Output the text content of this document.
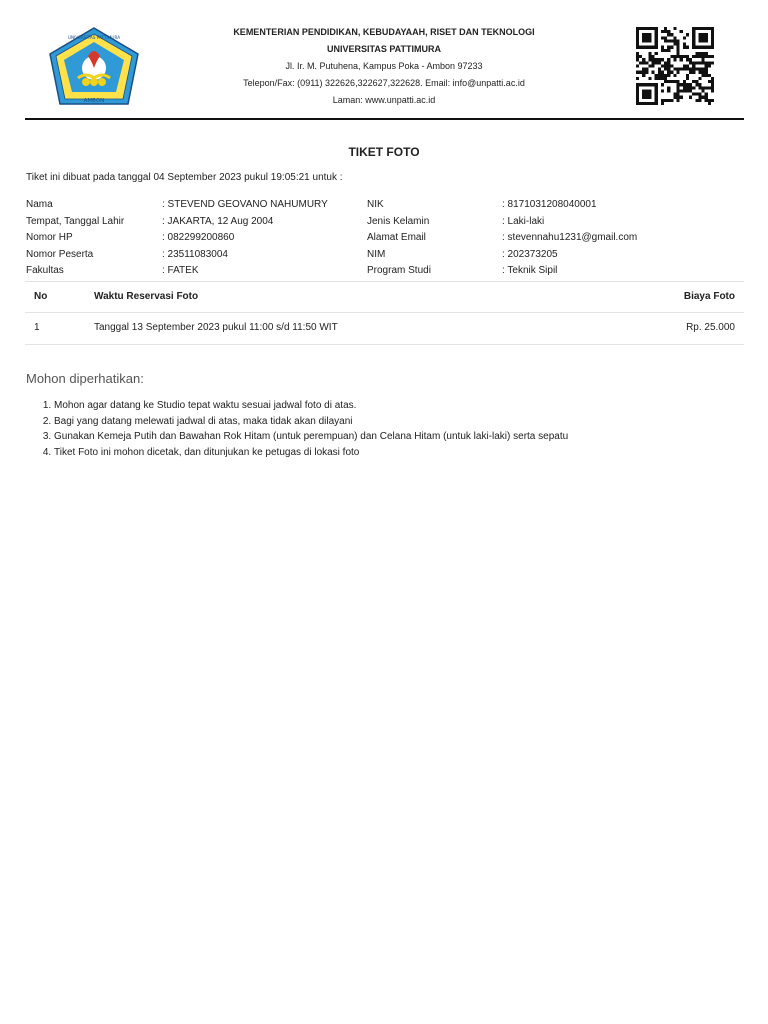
AMBON
UNIVERSITAS PATTIMURA
KEMENTERIAN PENDIDIKAN, KEBUDAYAAH, RISET DAN TEKNOLOGI
UNIVERSITAS PATTIMURA
Jl. Ir. M. Putuhena, Kampus Poka - Ambon 97233
Telepon/Fax: (0911) 322626,322627,322628. Email: info@unpatti.ac.id
Laman: www.unpatti.ac.id
TIKET FOTO
Tiket ini dibuat pada tanggal 04 September 2023 pukul 19:05:21 untuk :
Nama	: STEVEND GEOVANO NAHUMURY	NIK	: 8171031208040001
Tempat, Tanggal Lahir	: JAKARTA, 12 Aug 2004	Jenis Kelamin	: Laki-laki
Nomor HP	: 082299200860	Alamat Email	: stevennahu1231@gmail.com
Nomor Peserta	: 23511083004	NIM	: 202373205
Fakultas	: FATEK	Program Studi	: Teknik Sipil
No	Waktu Reservasi Foto	Biaya Foto
1	Tanggal 13 September 2023 pukul 11:00 s/d 11:50 WIT	Rp. 25.000
Mohon diperhatikan:
1. Mohon agar datang ke Studio tepat waktu sesuai jadwal foto di atas.
2. Bagi yang datang melewati jadwal di atas, maka tidak akan dilayani
3. Gunakan Kemeja Putih dan Bawahan Rok Hitam (untuk perempuan) dan Celana Hitam (untuk laki-laki) serta sepatu
4. Tiket Foto ini mohon dicetak, dan ditunjukan ke petugas di lokasi foto
